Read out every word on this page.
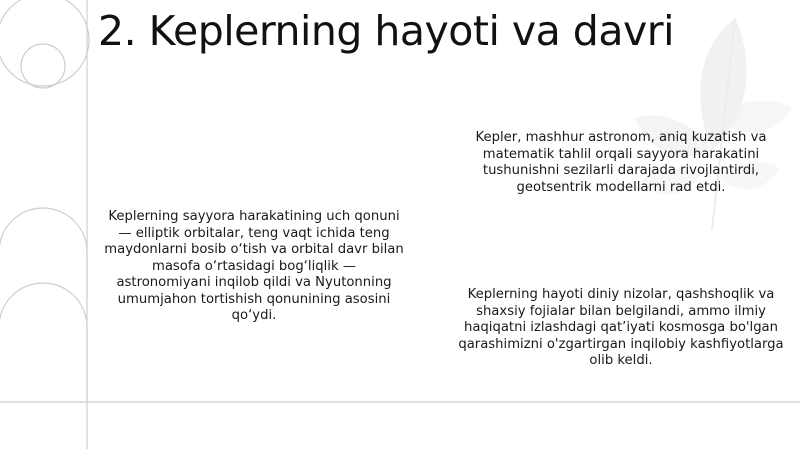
2. Keplerning hayoti va davri

Keplerning sayyora harakatining uch qonuni — elliptik orbitalar, teng vaqt ichida teng maydonlarni bosib o‘tish va orbital davr bilan masofa o‘rtasidagi bog‘liqlik — astronomiyani inqilob qildi va Nyutonning umumjahon tortishish qonunining asosini qo‘ydi.

Kepler, mashhur astronom, aniq kuzatish va matematik tahlil orqali sayyora harakatini tushunishni sezilarli darajada rivojlantirdi, geotsentrik modellarni rad etdi.

Keplerning hayoti diniy nizolar, qashshoqlik va shaxsiy fojialar bilan belgilandi, ammo ilmiy haqiqatni izlashdagi qat’iyati kosmosga bo'lgan qarashimizni o'zgartirgan inqilobiy kashfiyotlarga olib keldi.
